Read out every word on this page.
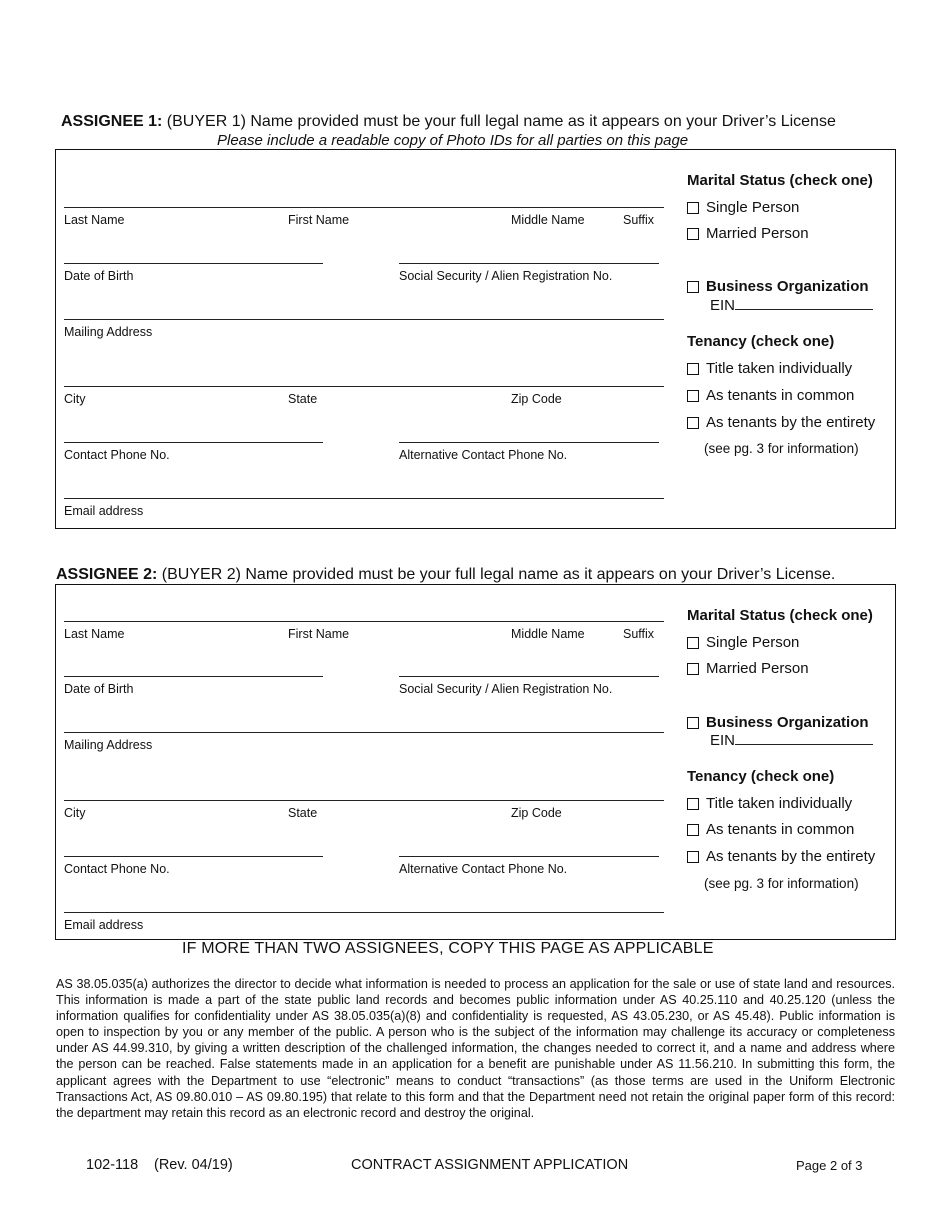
ASSIGNEE 1: (BUYER 1) Name provided must be your full legal name as it appears on your Driver’s License
Please include a readable copy of Photo IDs for all parties on this page
Last Name	First Name	Middle Name	Suffix
Date of Birth	Social Security / Alien Registration No.
Mailing Address
City	State	Zip Code
Contact Phone No.	Alternative Contact Phone No.
Email address
Marital Status (check one)
Single Person
Married Person
Business Organization
EIN
Tenancy (check one)
Title taken individually
As tenants in common
As tenants by the entirety
(see pg. 3 for information)
ASSIGNEE 2: (BUYER 2) Name provided must be your full legal name as it appears on your Driver’s License.
Last Name	First Name	Middle Name	Suffix
Date of Birth	Social Security / Alien Registration No.
Mailing Address
City	State	Zip Code
Contact Phone No.	Alternative Contact Phone No.
Email address
Marital Status (check one)
Single Person
Married Person
Business Organization
EIN
Tenancy (check one)
Title taken individually
As tenants in common
As tenants by the entirety
(see pg. 3 for information)
IF MORE THAN TWO ASSIGNEES, COPY THIS PAGE AS APPLICABLE
AS 38.05.035(a) authorizes the director to decide what information is needed to process an application for the sale or use of state land and resources. This information is made a part of the state public land records and becomes public information under AS 40.25.110 and 40.25.120 (unless the information qualifies for confidentiality under AS 38.05.035(a)(8) and confidentiality is requested, AS 43.05.230, or AS 45.48). Public information is open to inspection by you or any member of the public. A person who is the subject of the information may challenge its accuracy or completeness under AS 44.99.310, by giving a written description of the challenged information, the changes needed to correct it, and a name and address where the person can be reached. False statements made in an application for a benefit are punishable under AS 11.56.210. In submitting this form, the applicant agrees with the Department to use “electronic” means to conduct “transactions” (as those terms are used in the Uniform Electronic Transactions Act, AS 09.80.010 – AS 09.80.195) that relate to this form and that the Department need not retain the original paper form of this record: the department may retain this record as an electronic record and destroy the original.
102-118 (Rev. 04/19)	CONTRACT ASSIGNMENT APPLICATION	Page 2 of 3
